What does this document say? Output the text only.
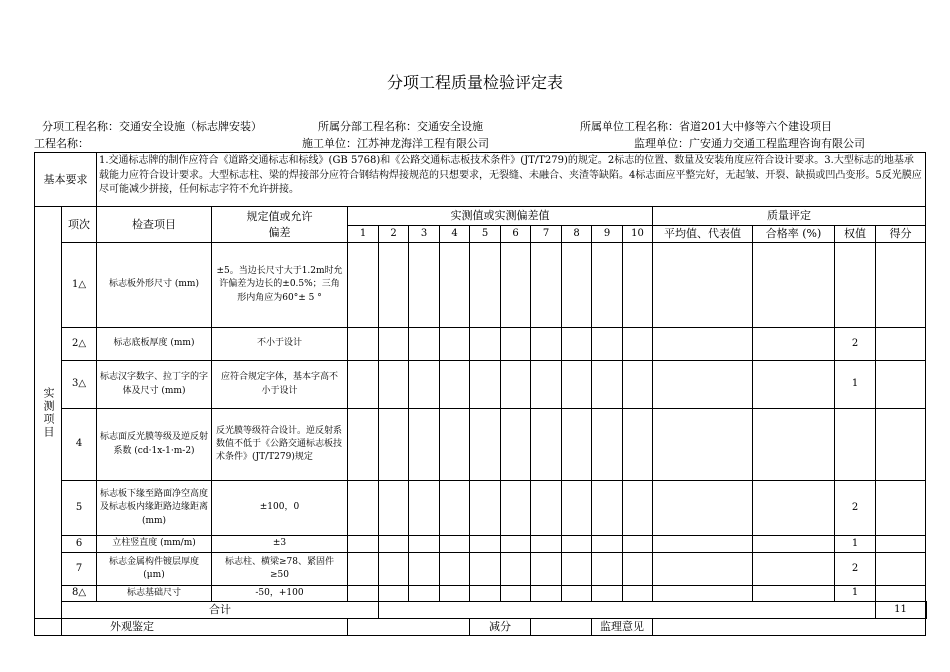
分项工程质量检验评定表
分项工程名称：交通安全设施（标志牌安装）	所属分部工程名称：交通安全设施	所属单位工程名称：省道201大中修等六个建设项目
工程名称：	施工单位：江苏神龙海洋工程有限公司	监理单位：广安通力交通工程监理咨询有限公司
基本要求		1.交通标志牌的制作应符合《道路交通标志和标线》(GB 5768)和《公路交通标志板技术条件》(JT/T279)的规定。2标志的位置、数量及安装角度应符合设计要求。3.大型标志的地基承载能力应符合设计要求。大型标志柱、梁的焊接部分应符合钢结构焊接规范的只想要求，无裂缝、未融合、夹渣等缺陷。4标志面应平整完好，无起皱、开裂、缺损或凹凸变形。5反光膜应尽可能减少拼接，任何标志字符不允许拼接。																
实测项目	项次	检查项目	规定值或允许
偏差	实测值或实测偏差值										质量评定				
				1	2	3	4	5	6	7	8	9	10	平均值、代表值	合格率 (%)	权值	得分	
	1△	标志板外形尺寸 (mm)	±5。当边长尺寸大于1.2m时允许偏差为边长的±0.5%；三角形内角应为60°± 5 °															
	2△	标志底板厚度 (mm)	不小于设计													2		
	3△	标志汉字数字、拉丁字的字体及尺寸 (mm)	应符合规定字体，基本字高不小于设计													1		
	4	标志面反光膜等级及逆反射 系数 (cd·1x-1·m-2)	反光膜等级符合设计。逆反射系数值不低于《公路交通标志板技术条件》(JT/T279)规定															
	5	标志板下缘至路面净空高度及标志板内缘距路边缘距离 (mm)	±100，0													2		
	6	立柱竖直度 (mm/m)	±3													1		
	7	标志金属构件镀层厚度 (μm)	标志柱、横梁≥78、紧固件≥50													2		
	8△	标志基础尺寸	-50，+100													1		
	合计																11	
	外观鉴定							减分				监理意见						
